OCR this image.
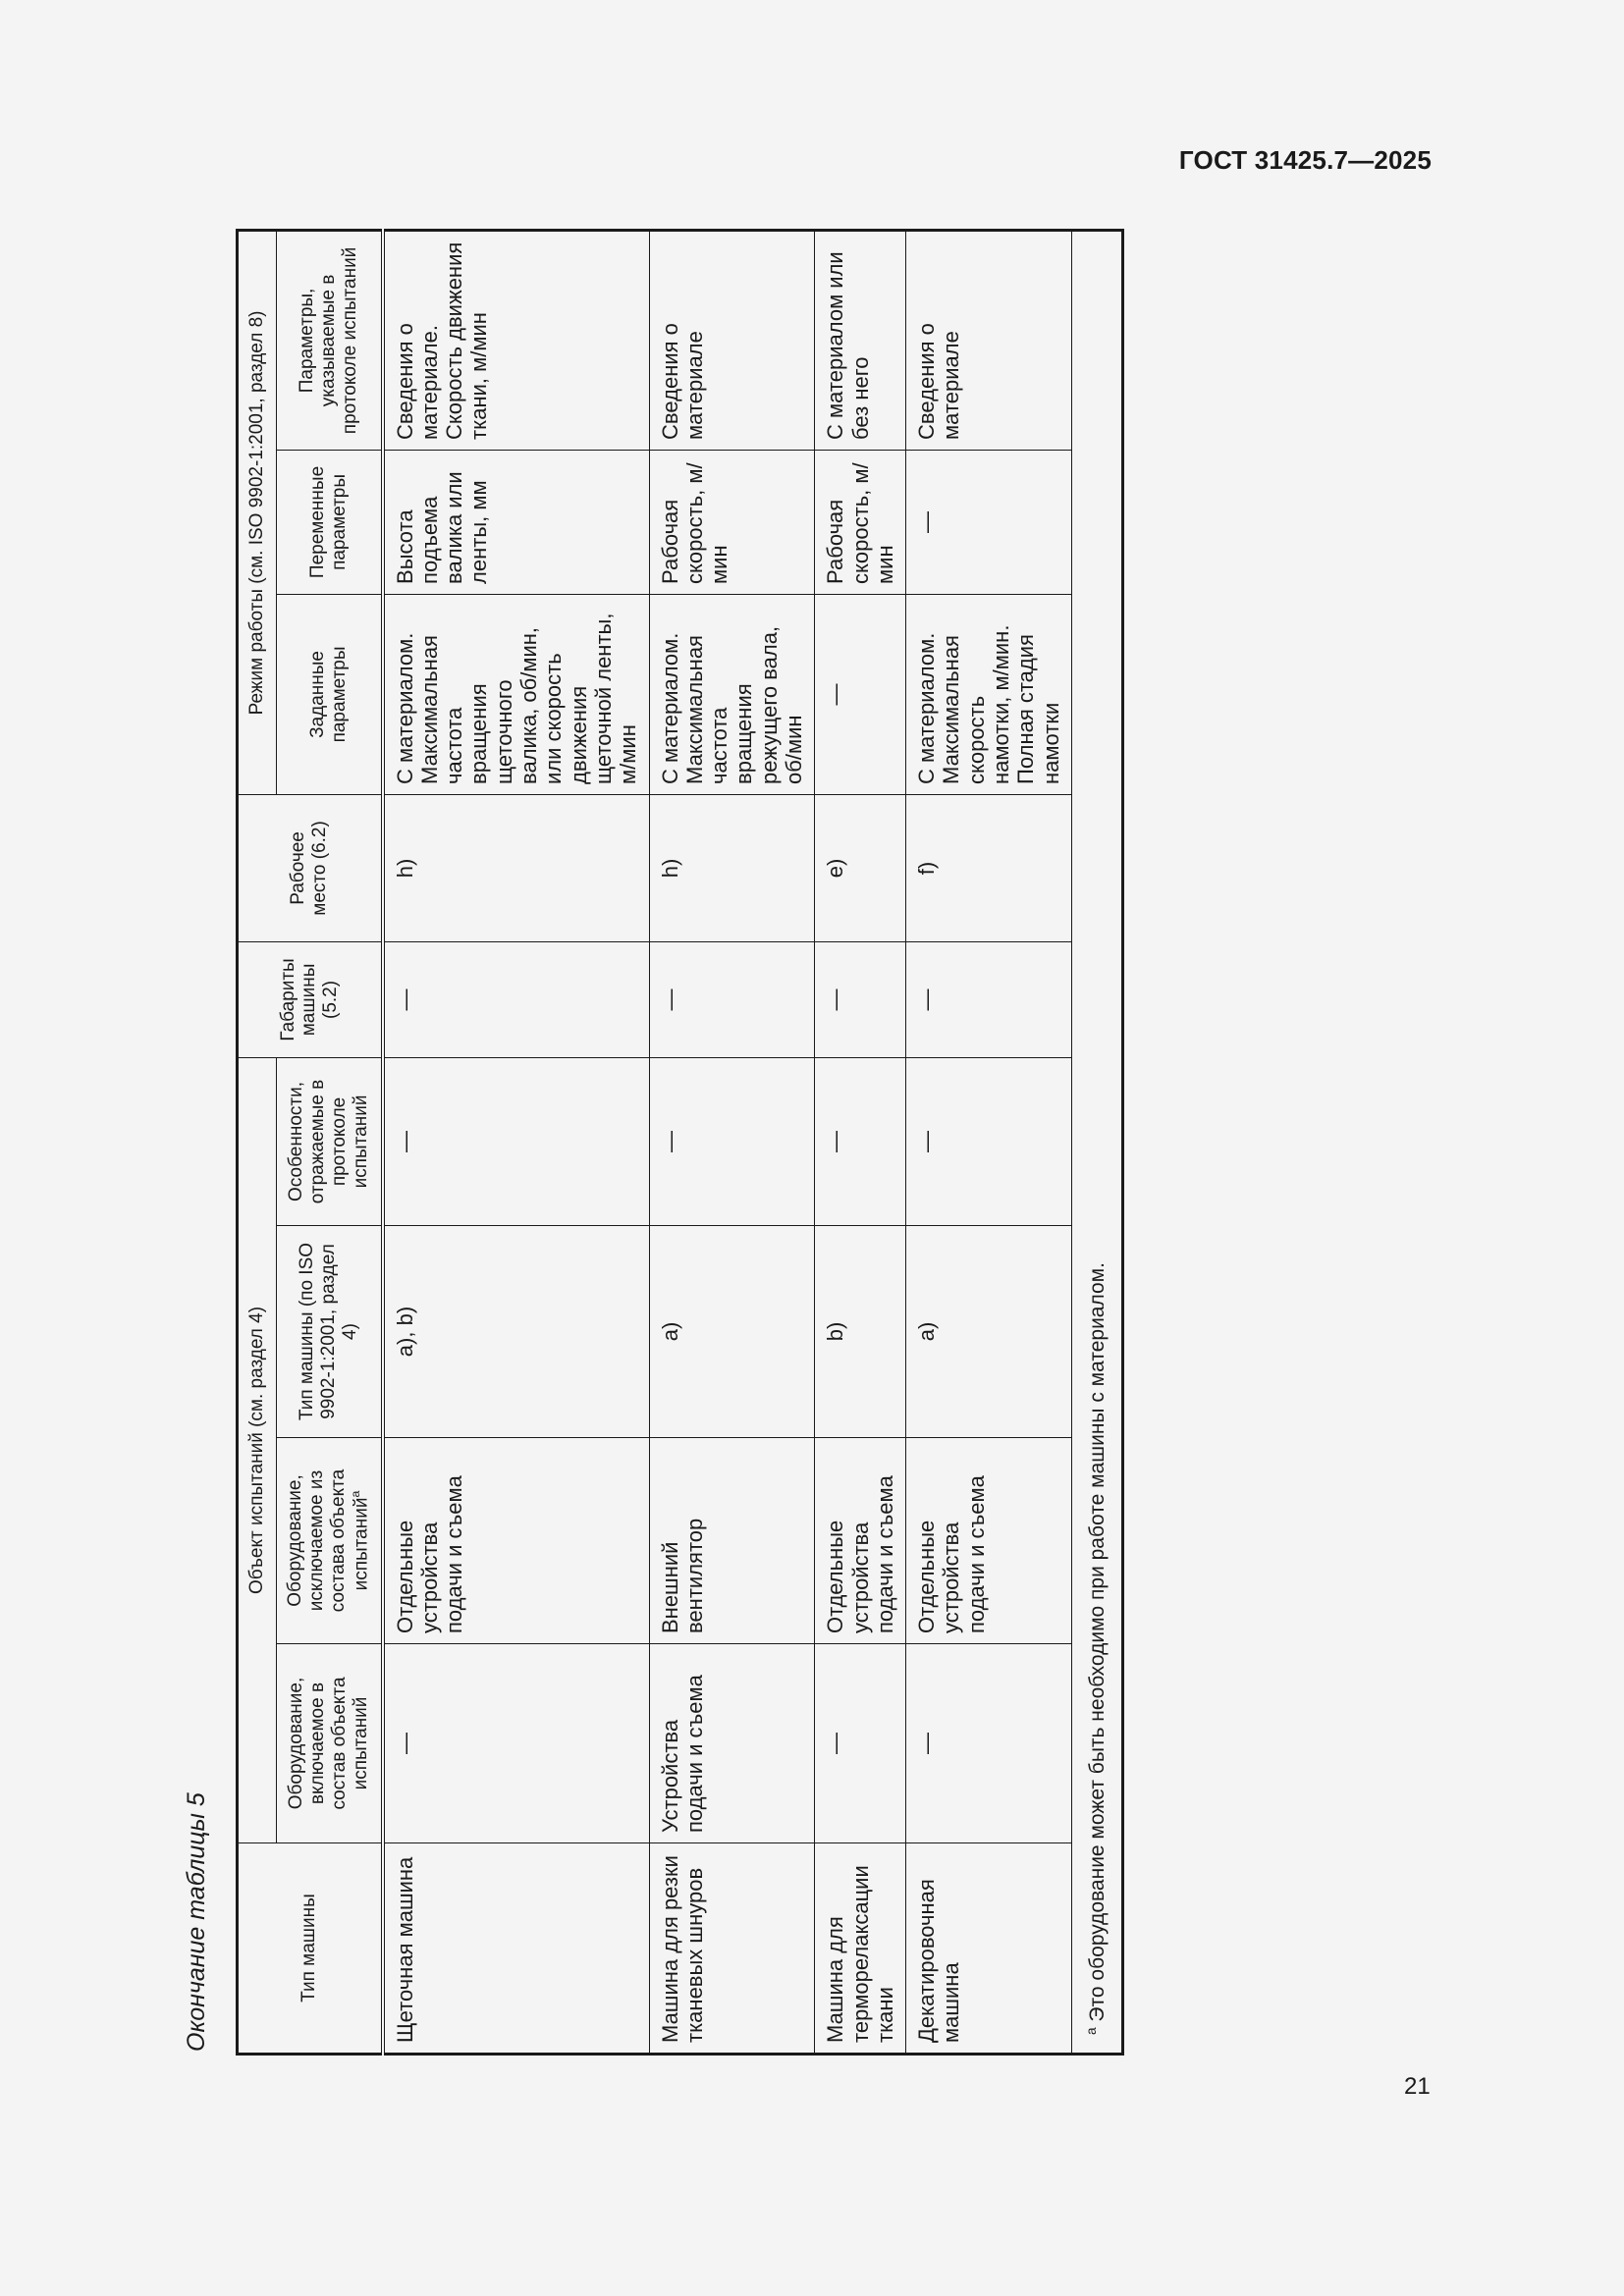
ГОСТ 31425.7—2025
Окончание таблицы 5	Тип машины	Объект испытаний (см. раздел 4)				Габариты машины (5.2)	Рабочее место (6.2)	Режим работы (см. ISO 9902-1:2001, раздел 8)		
	Оборудование, включаемое в состав объекта испытаний	Оборудование, исключаемое из состава объекта испытаний$^a$	Тип машины (по ISO 9902-1:2001, раздел 4)	Особенности, отражаемые в протоколе испытаний			Заданные параметры	Переменные параметры	Параметры, указываемые в протоколе испытаний
Щеточная машина	—	Отдельные устройства подачи и съема	a), b)	—	—	h)	С материалом. Максимальная частота вращения щеточного валика, об/мин, или скорость движения щеточной ленты, м/мин	Высота подъема валика или ленты, мм	Сведения о материале. Скорость движения ткани, м/мин
Машина для резки тканевых шнуров	Устройства подачи и съема	Внешний вентилятор	a)	—	—	h)	С материалом. Максимальная частота вращения режущего вала, об/мин	Рабочая скорость, м/мин	Сведения о материале
Машина для терморелаксации ткани	—	Отдельные устройства подачи и съема	b)	—	—	e)	—	Рабочая скорость, м/мин	С материалом или без него
Декатировочная машина	—	Отдельные устройства подачи и съема	a)	—	—	f)	С материалом. Максимальная скорость намотки, м/мин. Полная стадия намотки	—	Сведения о материале
$^a$ Это оборудование может быть необходимо при работе машины с материалом.									
21
